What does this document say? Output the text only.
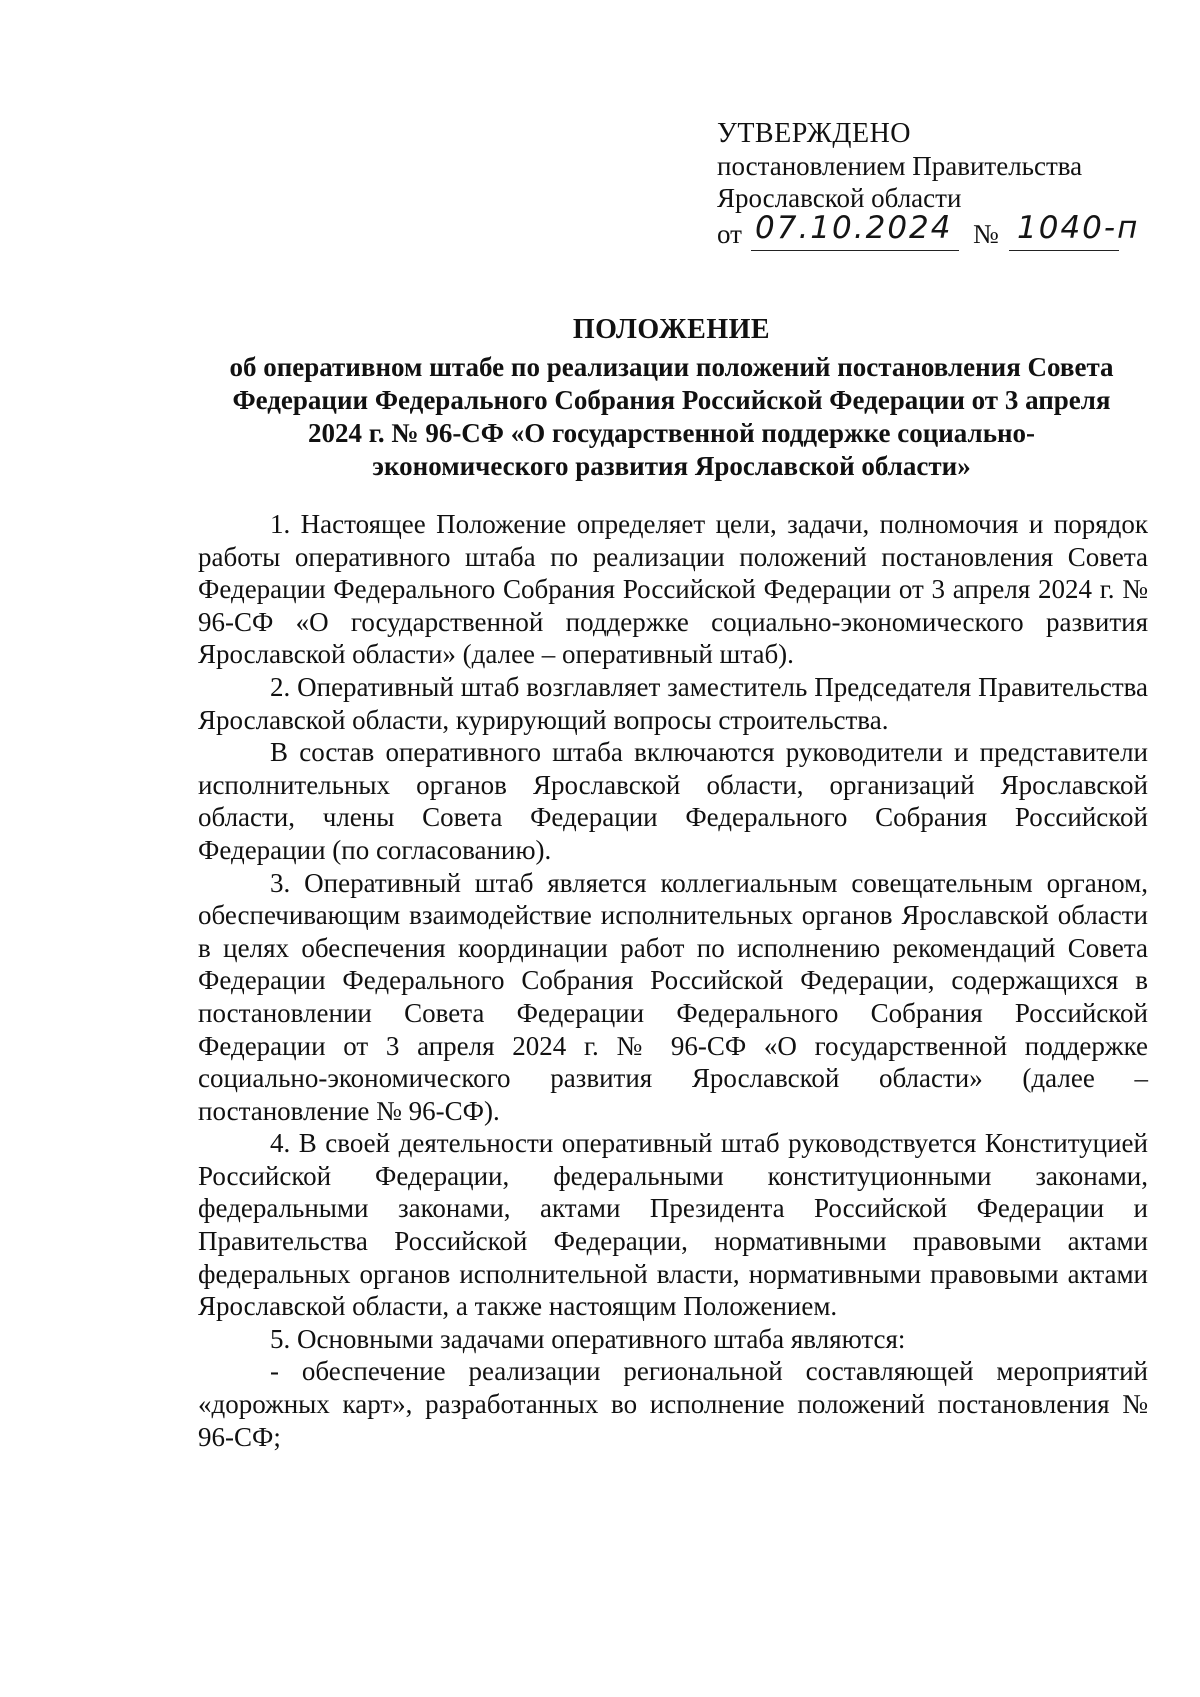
УТВЕРЖДЕНО
постановлением Правительства
Ярославской области
от 07.10.2024 № 1040-п
ПОЛОЖЕНИЕ
об оперативном штабе по реализации положений постановления Совета
Федерации Федерального Собрания Российской Федерации от 3 апреля
2024 г. № 96-СФ «О государственной поддержке социально-
экономического развития Ярославской области»

1. Настоящее Положение определяет цели, задачи, полномочия и порядок работы оперативного штаба по реализации положений постановления Совета Федерации Федерального Собрания Российской Федерации от 3 апреля 2024 г. № 96-СФ «О государственной поддержке социально-экономического развития Ярославской области» (далее – оперативный штаб).

2. Оперативный штаб возглавляет заместитель Председателя Правительства Ярославской области, курирующий вопросы строительства.

В состав оперативного штаба включаются руководители и представители исполнительных органов Ярославской области, организаций Ярославской области, члены Совета Федерации Федерального Собрания Российской Федерации (по согласованию).

3. Оперативный штаб является коллегиальным совещательным органом, обеспечивающим взаимодействие исполнительных органов Ярославской области в целях обеспечения координации работ по исполнению рекомендаций Совета Федерации Федерального Собрания Российской Федерации, содержащихся в постановлении Совета Федерации Федерального Собрания Российской Федерации от 3 апреля 2024 г. № 96-СФ «О государственной поддержке социально-экономического развития Ярославской области» (далее – постановление № 96-СФ).

4. В своей деятельности оперативный штаб руководствуется Конституцией Российской Федерации, федеральными конституционными законами, федеральными законами, актами Президента Российской Федерации и Правительства Российской Федерации, нормативными правовыми актами федеральных органов исполнительной власти, нормативными правовыми актами Ярославской области, а также настоящим Положением.

5. Основными задачами оперативного штаба являются:

- обеспечение реализации региональной составляющей мероприятий «дорожных карт», разработанных во исполнение положений постановления № 96-СФ;
